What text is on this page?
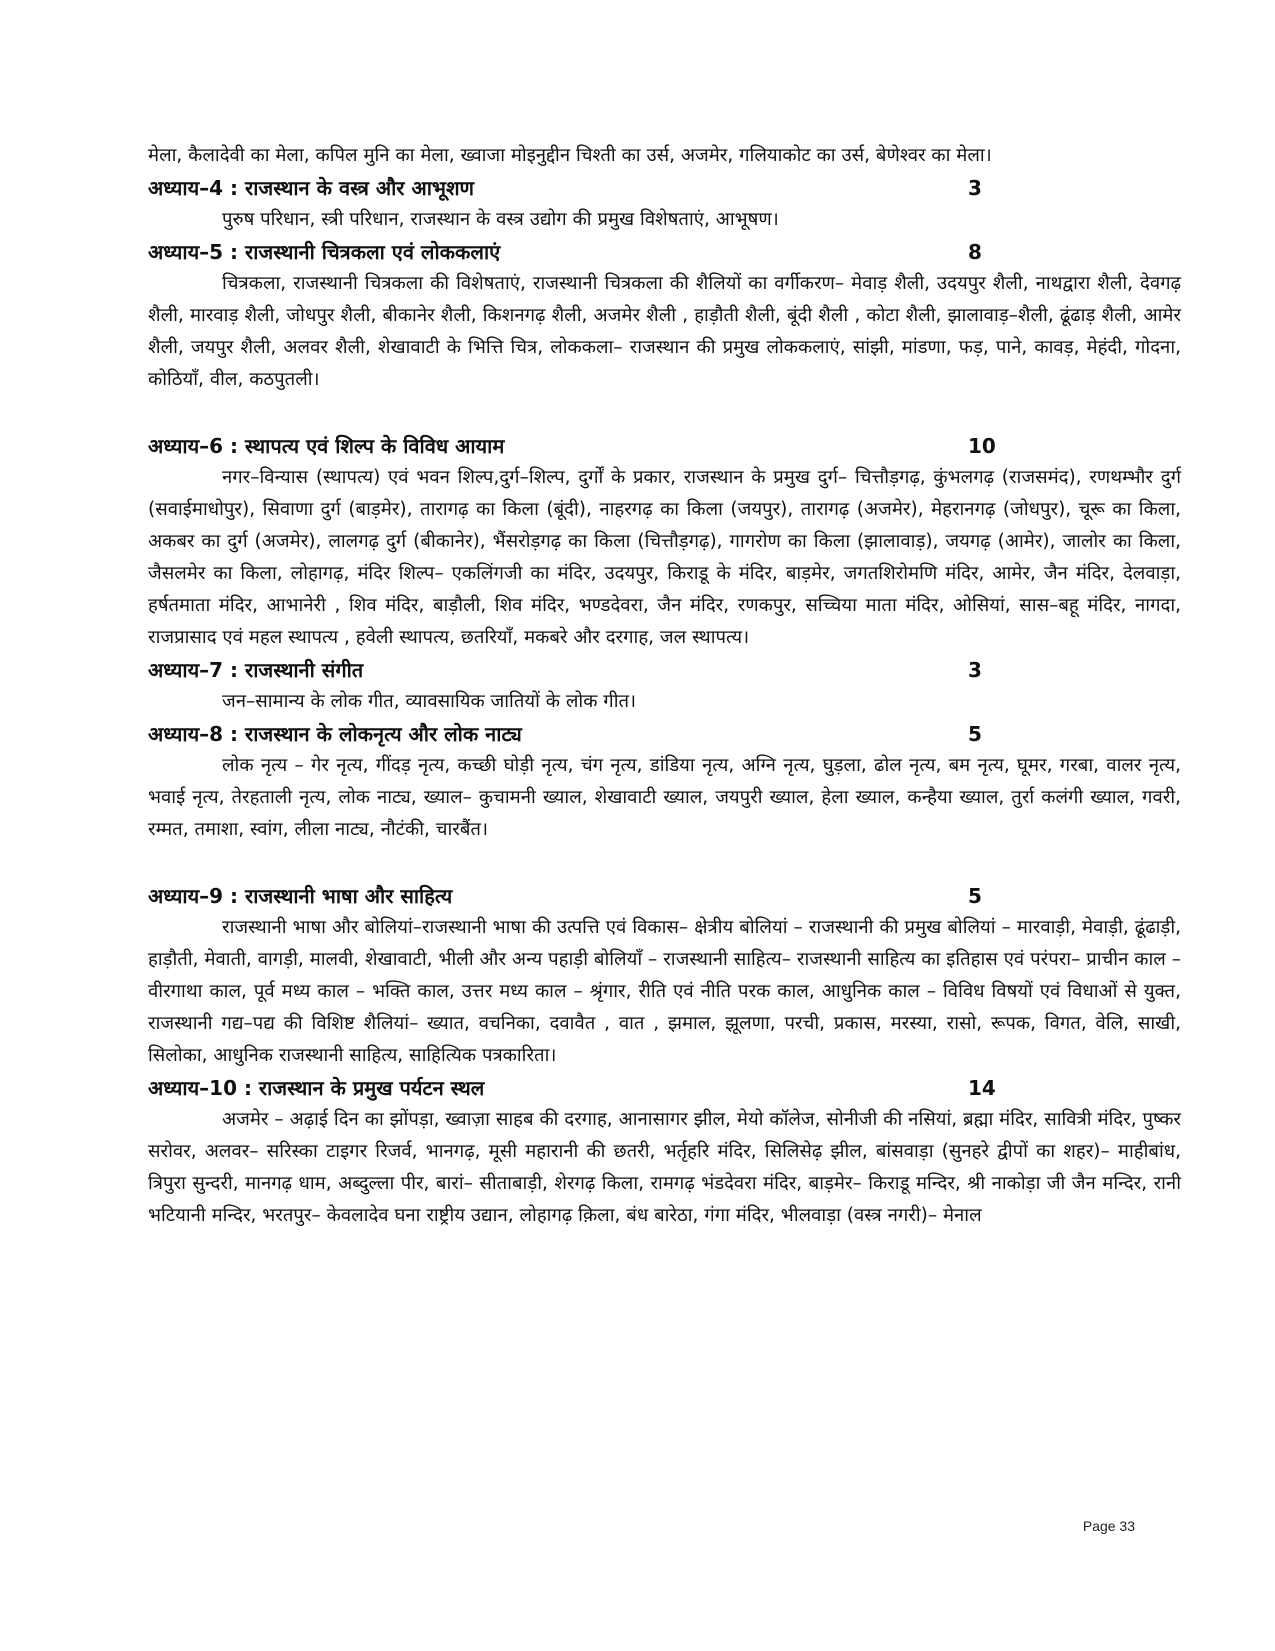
मेला, कैलादेवी का मेला, कपिल मुनि का मेला, ख्वाजा मोइनुद्दीन चिश्ती का उर्स, अजमेर, गलियाकोट का उर्स, बेणेश्वर का मेला।

अध्याय–4 : राजस्थान के वस्त्र और आभूशण	3

पुरुष परिधान, स्त्री परिधान, राजस्थान के वस्त्र उद्योग की प्रमुख विशेषताएं, आभूषण।

अध्याय–5 : राजस्थानी चित्रकला एवं लोककलाएं	8

चित्रकला, राजस्थानी चित्रकला की विशेषताएं, राजस्थानी चित्रकला की शैलियों का वर्गीकरण– मेवाड़ शैली, उदयपुर शैली, नाथद्वारा शैली, देवगढ़ शैली, मारवाड़ शैली, जोधपुर शैली, बीकानेर शैली, किशनगढ़ शैली, अजमेर शैली , हाड़ौती शैली, बूंदी शैली , कोटा शैली, झालावाड़–शैली, ढूंढाड़ शैली, आमेर शैली, जयपुर शैली, अलवर शैली, शेखावाटी के भित्ति चित्र, लोककला– राजस्थान की प्रमुख लोककलाएं, सांझी, मांडणा, फड़, पाने, कावड़, मेहंदी, गोदना, कोठियाँ, वील, कठपुतली।

अध्याय–6 : स्थापत्य एवं शिल्प के विविध आयाम	10

नगर–विन्यास (स्थापत्य) एवं भवन शिल्प,दुर्ग–शिल्प, दुर्गों के प्रकार, राजस्थान के प्रमुख दुर्ग– चित्तौड़गढ़, कुंभलगढ़ (राजसमंद), रणथम्भौर दुर्ग (सवाईमाधोपुर), सिवाणा दुर्ग (बाड़मेर), तारागढ़ का किला (बूंदी), नाहरगढ़ का किला (जयपुर), तारागढ़ (अजमेर), मेहरानगढ़ (जोधपुर), चूरू का किला, अकबर का दुर्ग (अजमेर), लालगढ़ दुर्ग (बीकानेर), भैंसरोड़गढ़ का किला (चित्तौड़गढ़), गागरोण का किला (झालावाड़), जयगढ़ (आमेर), जालोर का किला, जैसलमेर का किला, लोहागढ़, मंदिर शिल्प– एकलिंगजी का मंदिर, उदयपुर, किराडू के मंदिर, बाड़मेर, जगतशिरोमणि मंदिर, आमेर, जैन मंदिर, देलवाड़ा, हर्षतमाता मंदिर, आभानेरी , शिव मंदिर, बाड़ौली, शिव मंदिर, भण्डदेवरा, जैन मंदिर, रणकपुर, सच्चिया माता मंदिर, ओसियां, सास–बहू मंदिर, नागदा, राजप्रासाद एवं महल स्थापत्य , हवेली स्थापत्य, छतरियाँ, मकबरे और दरगाह, जल स्थापत्य।

अध्याय–7 : राजस्थानी संगीत	3

जन–सामान्य के लोक गीत, व्यावसायिक जातियों के लोक गीत।

अध्याय–8 : राजस्थान के लोकनृत्य और लोक नाट्य	5

लोक नृत्य – गेर नृत्य, गींदड़ नृत्य, कच्छी घोड़ी नृत्य, चंग नृत्य, डांडिया नृत्य, अग्नि नृत्य, घुड़ला, ढोल नृत्य, बम नृत्य, घूमर, गरबा, वालर नृत्य, भवाई नृत्य, तेरहताली नृत्य, लोक नाट्य, ख्याल– कुचामनी ख्याल, शेखावाटी ख्याल, जयपुरी ख्याल, हेला ख्याल, कन्हैया ख्याल, तुर्रा कलंगी ख्याल, गवरी, रम्मत, तमाशा, स्वांग, लीला नाट्य, नौटंकी, चारबैंत।

अध्याय–9 : राजस्थानी भाषा और साहित्य	5

राजस्थानी भाषा और बोलियां–राजस्थानी भाषा की उत्पत्ति एवं विकास– क्षेत्रीय बोलियां – राजस्थानी की प्रमुख बोलियां – मारवाड़ी, मेवाड़ी, ढूंढाड़ी, हाड़ौती, मेवाती, वागड़ी, मालवी, शेखावाटी, भीली और अन्य पहाड़ी बोलियाँ – राजस्थानी साहित्य– राजस्थानी साहित्य का इतिहास एवं परंपरा– प्राचीन काल – वीरगाथा काल, पूर्व मध्य काल – भक्ति काल, उत्तर मध्य काल – श्रृंगार, रीति एवं नीति परक काल, आधुनिक काल – विविध विषयों एवं विधाओं से युक्त, राजस्थानी गद्य–पद्य की विशिष्ट शैलियां– ख्यात, वचनिका, दवावैत , वात , झमाल, झूलणा, परची, प्रकास, मरस्या, रासो, रूपक, विगत, वेलि, साखी, सिलोका, आधुनिक राजस्थानी साहित्य, साहित्यिक पत्रकारिता।

अध्याय–10 : राजस्थान के प्रमुख पर्यटन स्थल	14

अजमेर – अढ़ाई दिन का झोंपड़ा, ख्वाज़ा साहब की दरगाह, आनासागर झील, मेयो कॉलेज, सोनीजी की नसियां, ब्रह्मा मंदिर, सावित्री मंदिर, पुष्कर सरोवर, अलवर– सरिस्का टाइगर रिजर्व, भानगढ़, मूसी महारानी की छतरी, भर्तृहरि मंदिर, सिलिसेढ़ झील, बांसवाड़ा (सुनहरे द्वीपों का शहर)– माहीबांध, त्रिपुरा सुन्दरी, मानगढ़ धाम, अब्दुल्ला पीर, बारां– सीताबाड़ी, शेरगढ़ किला, रामगढ़ भंडदेवरा मंदिर, बाड़मेर– किराडू मन्दिर, श्री नाकोड़ा जी जैन मन्दिर, रानी भटियानी मन्दिर, भरतपुर– केवलादेव घना राष्ट्रीय उद्यान, लोहागढ़ क़िला, बंध बारेठा, गंगा मंदिर, भीलवाड़ा (वस्त्र नगरी)– मेनाल

Page 33
